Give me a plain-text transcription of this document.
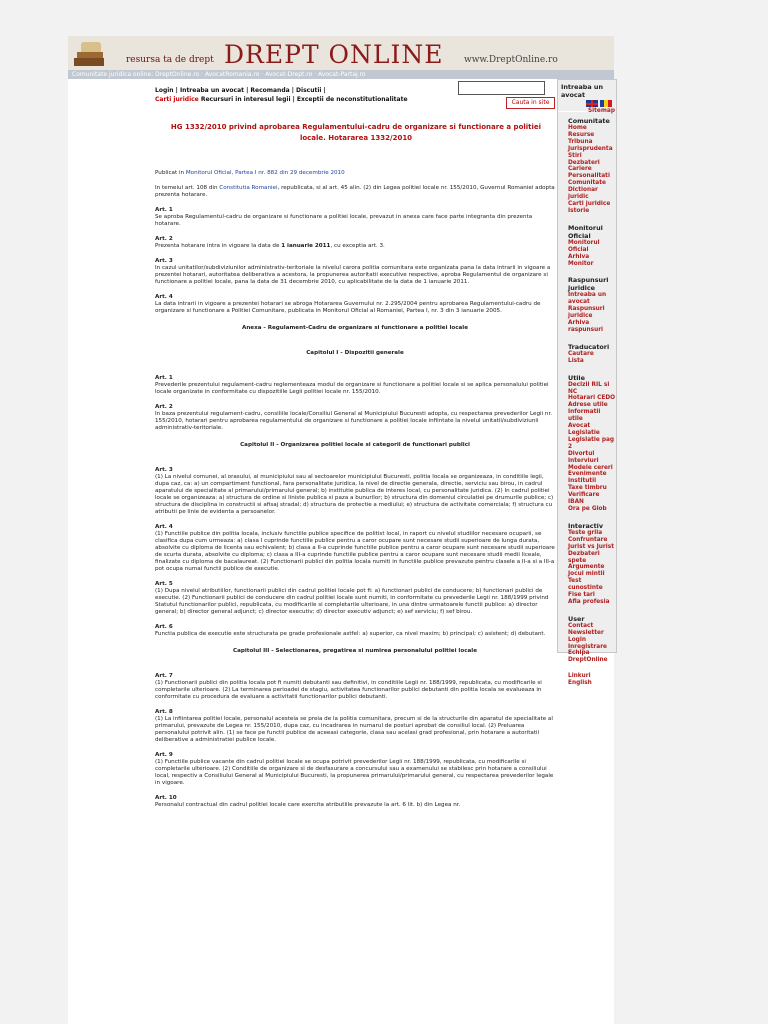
resursa ta de drept DREPT ONLINE www.DreptOnline.ro
Comunitate juridica online: DreptOnline.ro · AvocatRomania.ro · Avocat-Drept.ro · Avocat-Partaj.ro
Cauta in site
Login | Intreaba un avocat | Recomanda | Discutii |
Carti juridice Recursuri in interesul legii | Exceptii de neconstitutionalitate
HG 1332/2010 privind aprobarea Regulamentului-cadru de organizare si functionare a politiei locale. Hotararea 1332/2010

Publicat in Monitorul Oficial, Partea I nr. 882 din 29 decembrie 2010

In temeiul art. 108 din Constitutia Romaniei, republicata, si al art. 45 alin. (2) din Legea politiei locale nr. 155/2010, Guvernul Romaniei adopta prezenta hotarare.

Art. 1
Se aproba Regulamentul-cadru de organizare si functionare a politiei locale, prevazut in anexa care face parte integranta din prezenta hotarare.

Art. 2
Prezenta hotarare intra in vigoare la data de 1 ianuarie 2011, cu exceptia art. 3.

Art. 3
In cazul unitatilor/subdiviziunilor administrativ-teritoriale la nivelul carora politia comunitara este organizata pana la data intrarii in vigoare a prezentei hotarari, autoritatea deliberativa a acestora, la propunerea autoritatii executive respective, aproba Regulamentul de organizare si functionare a politiei locale, pana la data de 31 decembrie 2010, cu aplicabilitate de la data de 1 ianuarie 2011.

Art. 4
La data intrarii in vigoare a prezentei hotarari se abroga Hotararea Guvernului nr. 2.295/2004 pentru aprobarea Regulamentului-cadru de organizare si functionare a Politiei Comunitare, publicata in Monitorul Oficial al Romaniei, Partea I, nr. 3 din 3 ianuarie 2005.

Anexa - Regulament-Cadru de organizare si functionare a politiei locale
Capitolul I - Dispozitii generale

Art. 1
Prevederile prezentului regulament-cadru reglementeaza modul de organizare si functionare a politiei locale si se aplica personalului politiei locale organizate in conformitate cu dispozitiile Legii politiei locale nr. 155/2010.

Art. 2
In baza prezentului regulament-cadru, consiliile locale/Consiliul General al Municipiului Bucuresti adopta, cu respectarea prevederilor Legii nr. 155/2010, hotarari pentru aprobarea regulamentului de organizare si functionare a politiei locale infiintate la nivelul unitatii/subdiviziunii administrativ-teritoriale.

Capitolul II - Organizarea politiei locale si categorii de functionari publici

Art. 3
(1) La nivelul comunei, al orasului, al municipiului sau al sectoarelor municipiului Bucuresti, politia locala se organizeaza, in conditiile legii, dupa caz, ca: a) un compartiment functional, fara personalitate juridica, la nivel de directie generala, directie, serviciu sau birou, in cadrul aparatului de specialitate al primarului/primarului general; b) institutie publica de interes local, cu personalitate juridica. (2) In cadrul politiei locale se organizeaza: a) structura de ordine si liniste publica si paza a bunurilor; b) structura din domeniul circulatiei pe drumurile publice; c) structura de disciplina in constructii si afisaj stradal; d) structura de protectie a mediului; e) structura de activitate comerciala; f) structura cu atributii pe linie de evidenta a persoanelor.

Art. 4
(1) Functiile publice din politia locala, inclusiv functiile publice specifice de politist local, in raport cu nivelul studiilor necesare ocuparii, se clasifica dupa cum urmeaza: a) clasa I cuprinde functiile publice pentru a caror ocupare sunt necesare studii superioare de lunga durata, absolvite cu diploma de licenta sau echivalent; b) clasa a II-a cuprinde functiile publice pentru a caror ocupare sunt necesare studii superioare de scurta durata, absolvite cu diploma; c) clasa a III-a cuprinde functiile publice pentru a caror ocupare sunt necesare studii medii liceale, finalizate cu diploma de bacalaureat. (2) Functionarii publici din politia locala numiti in functiile publice prevazute pentru clasele a II-a si a III-a pot ocupa numai functii publice de executie.

Art. 5
(1) Dupa nivelul atributiilor, functionarii publici din cadrul politiei locale pot fi: a) functionari publici de conducere; b) functionari publici de executie. (2) Functionarii publici de conducere din cadrul politiei locale sunt numiti, in conformitate cu prevederile Legii nr. 188/1999 privind Statutul functionarilor publici, republicata, cu modificarile si completarile ulterioare, in una dintre urmatoarele functii publice: a) director general; b) director general adjunct; c) director executiv; d) director executiv adjunct; e) sef serviciu; f) sef birou.

Art. 6
Functia publica de executie este structurata pe grade profesionale astfel: a) superior, ca nivel maxim; b) principal; c) asistent; d) debutant.

Capitolul III - Selectionarea, pregatirea si numirea personalului politiei locale

Art. 7
(1) Functionarii publici din politia locala pot fi numiti debutanti sau definitivi, in conditiile Legii nr. 188/1999, republicata, cu modificarile si completarile ulterioare. (2) La terminarea perioadei de stagiu, activitatea functionarilor publici debutanti din politia locala se evalueaza in conformitate cu procedura de evaluare a activitatii functionarilor publici debutanti.

Art. 8
(1) La infiintarea politiei locale, personalul acesteia se preia de la politia comunitara, precum si de la structurile din aparatul de specialitate al primarului, prevazute de Legea nr. 155/2010, dupa caz, cu incadrarea in numarul de posturi aprobat de consiliul local. (2) Preluarea personalului potrivit alin. (1) se face pe functii publice de aceeasi categorie, clasa sau acelasi grad profesional, prin hotarare a autoritatii deliberative a administratiei publice locale.

Art. 9
(1) Functiile publice vacante din cadrul politiei locale se ocupa potrivit prevederilor Legii nr. 188/1999, republicata, cu modificarile si completarile ulterioare. (2) Conditiile de organizare si de desfasurare a concursului sau a examenului se stabilesc prin hotarare a consiliului local, respectiv a Consiliului General al Municipiului Bucuresti, la propunerea primarului/primarului general, cu respectarea prevederilor legale in vigoare.

Art. 10
Personalul contractual din cadrul politiei locale care exercita atributiile prevazute la art. 6 lit. b) din Legea nr.

Intreaba un avocat
Sitemap
Comunitate
Home
Resurse
Tribuna
Jurisprudenta
Stiri
Dezbateri
Cariere
Personalitati
Comunitate
Dictionar juridic
Carti juridice
Istorie
Monitorul Oficial
Monitorul Oficial
Arhiva Monitor
Raspunsuri juridice
Intreaba un avocat
Raspunsuri juridice
Arhiva raspunsuri
Traducatori
Cautare
Lista
Utile
Decizii RIL si NC
Hotarari CEDO
Adrese utile
Informatii utile
Avocat
Legislatie
Legislatie pag 2
Divortul
Interviuri
Modele cereri
Evenimente
Institutii
Taxe timbru
Verificare IBAN
Ora pe Glob
Interactiv
Teste grila
Confruntare
Jurist vs Jurist
Dezbateri spete
Argumente
Jocul mintii
Test cunostinte
Fise tari
Afla profesia
User
Contact
Newsletter
Login
Inregistrare
Echipa DreptOnline
Linkuri
English
